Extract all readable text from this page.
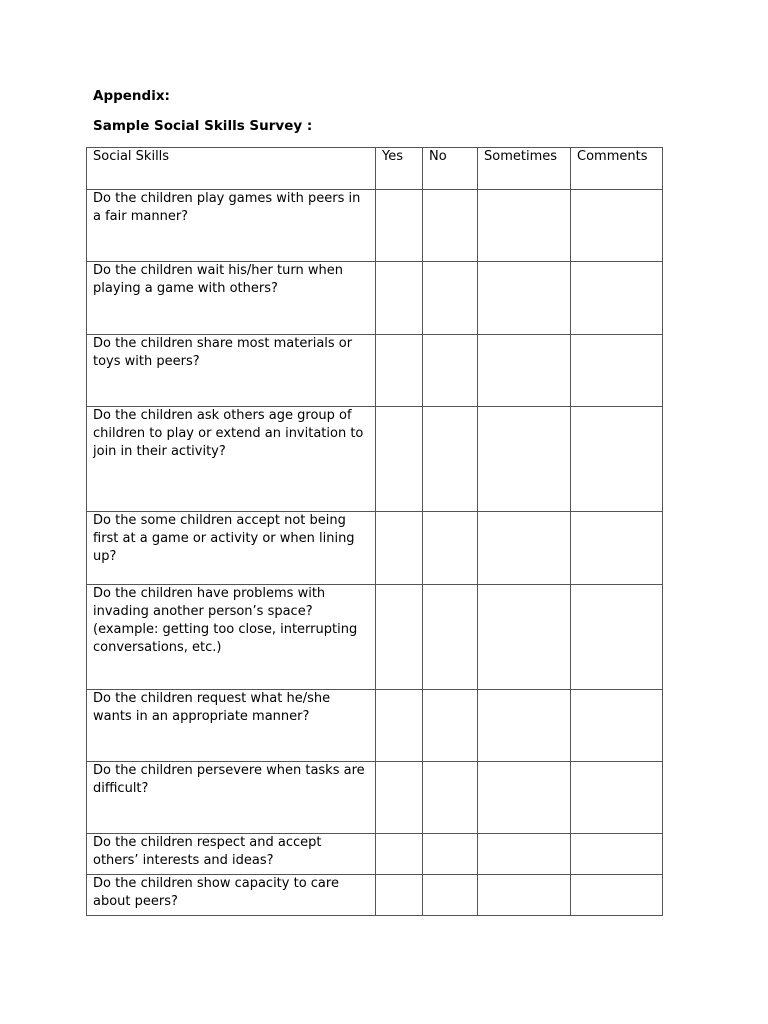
Appendix:
Sample Social Skills Survey :
Social Skills	Yes	No	Sometimes	Comments
Do the children play games with peers in a fair manner?				
Do the children wait his/her turn when playing a game with others?				
Do the children share most materials or toys with peers?				
Do the children ask others age group of children to play or extend an invitation to join in their activity?				
Do the some children accept not being first at a game or activity or when lining up?				
Do the children have problems with invading another person’s space? (example: getting too close, interrupting conversations, etc.)				
Do the children request what he/she wants in an appropriate manner?				
Do the children persevere when tasks are difficult?				
Do the children respect and accept others’ interests and ideas?				
Do the children show capacity to care about peers?				
